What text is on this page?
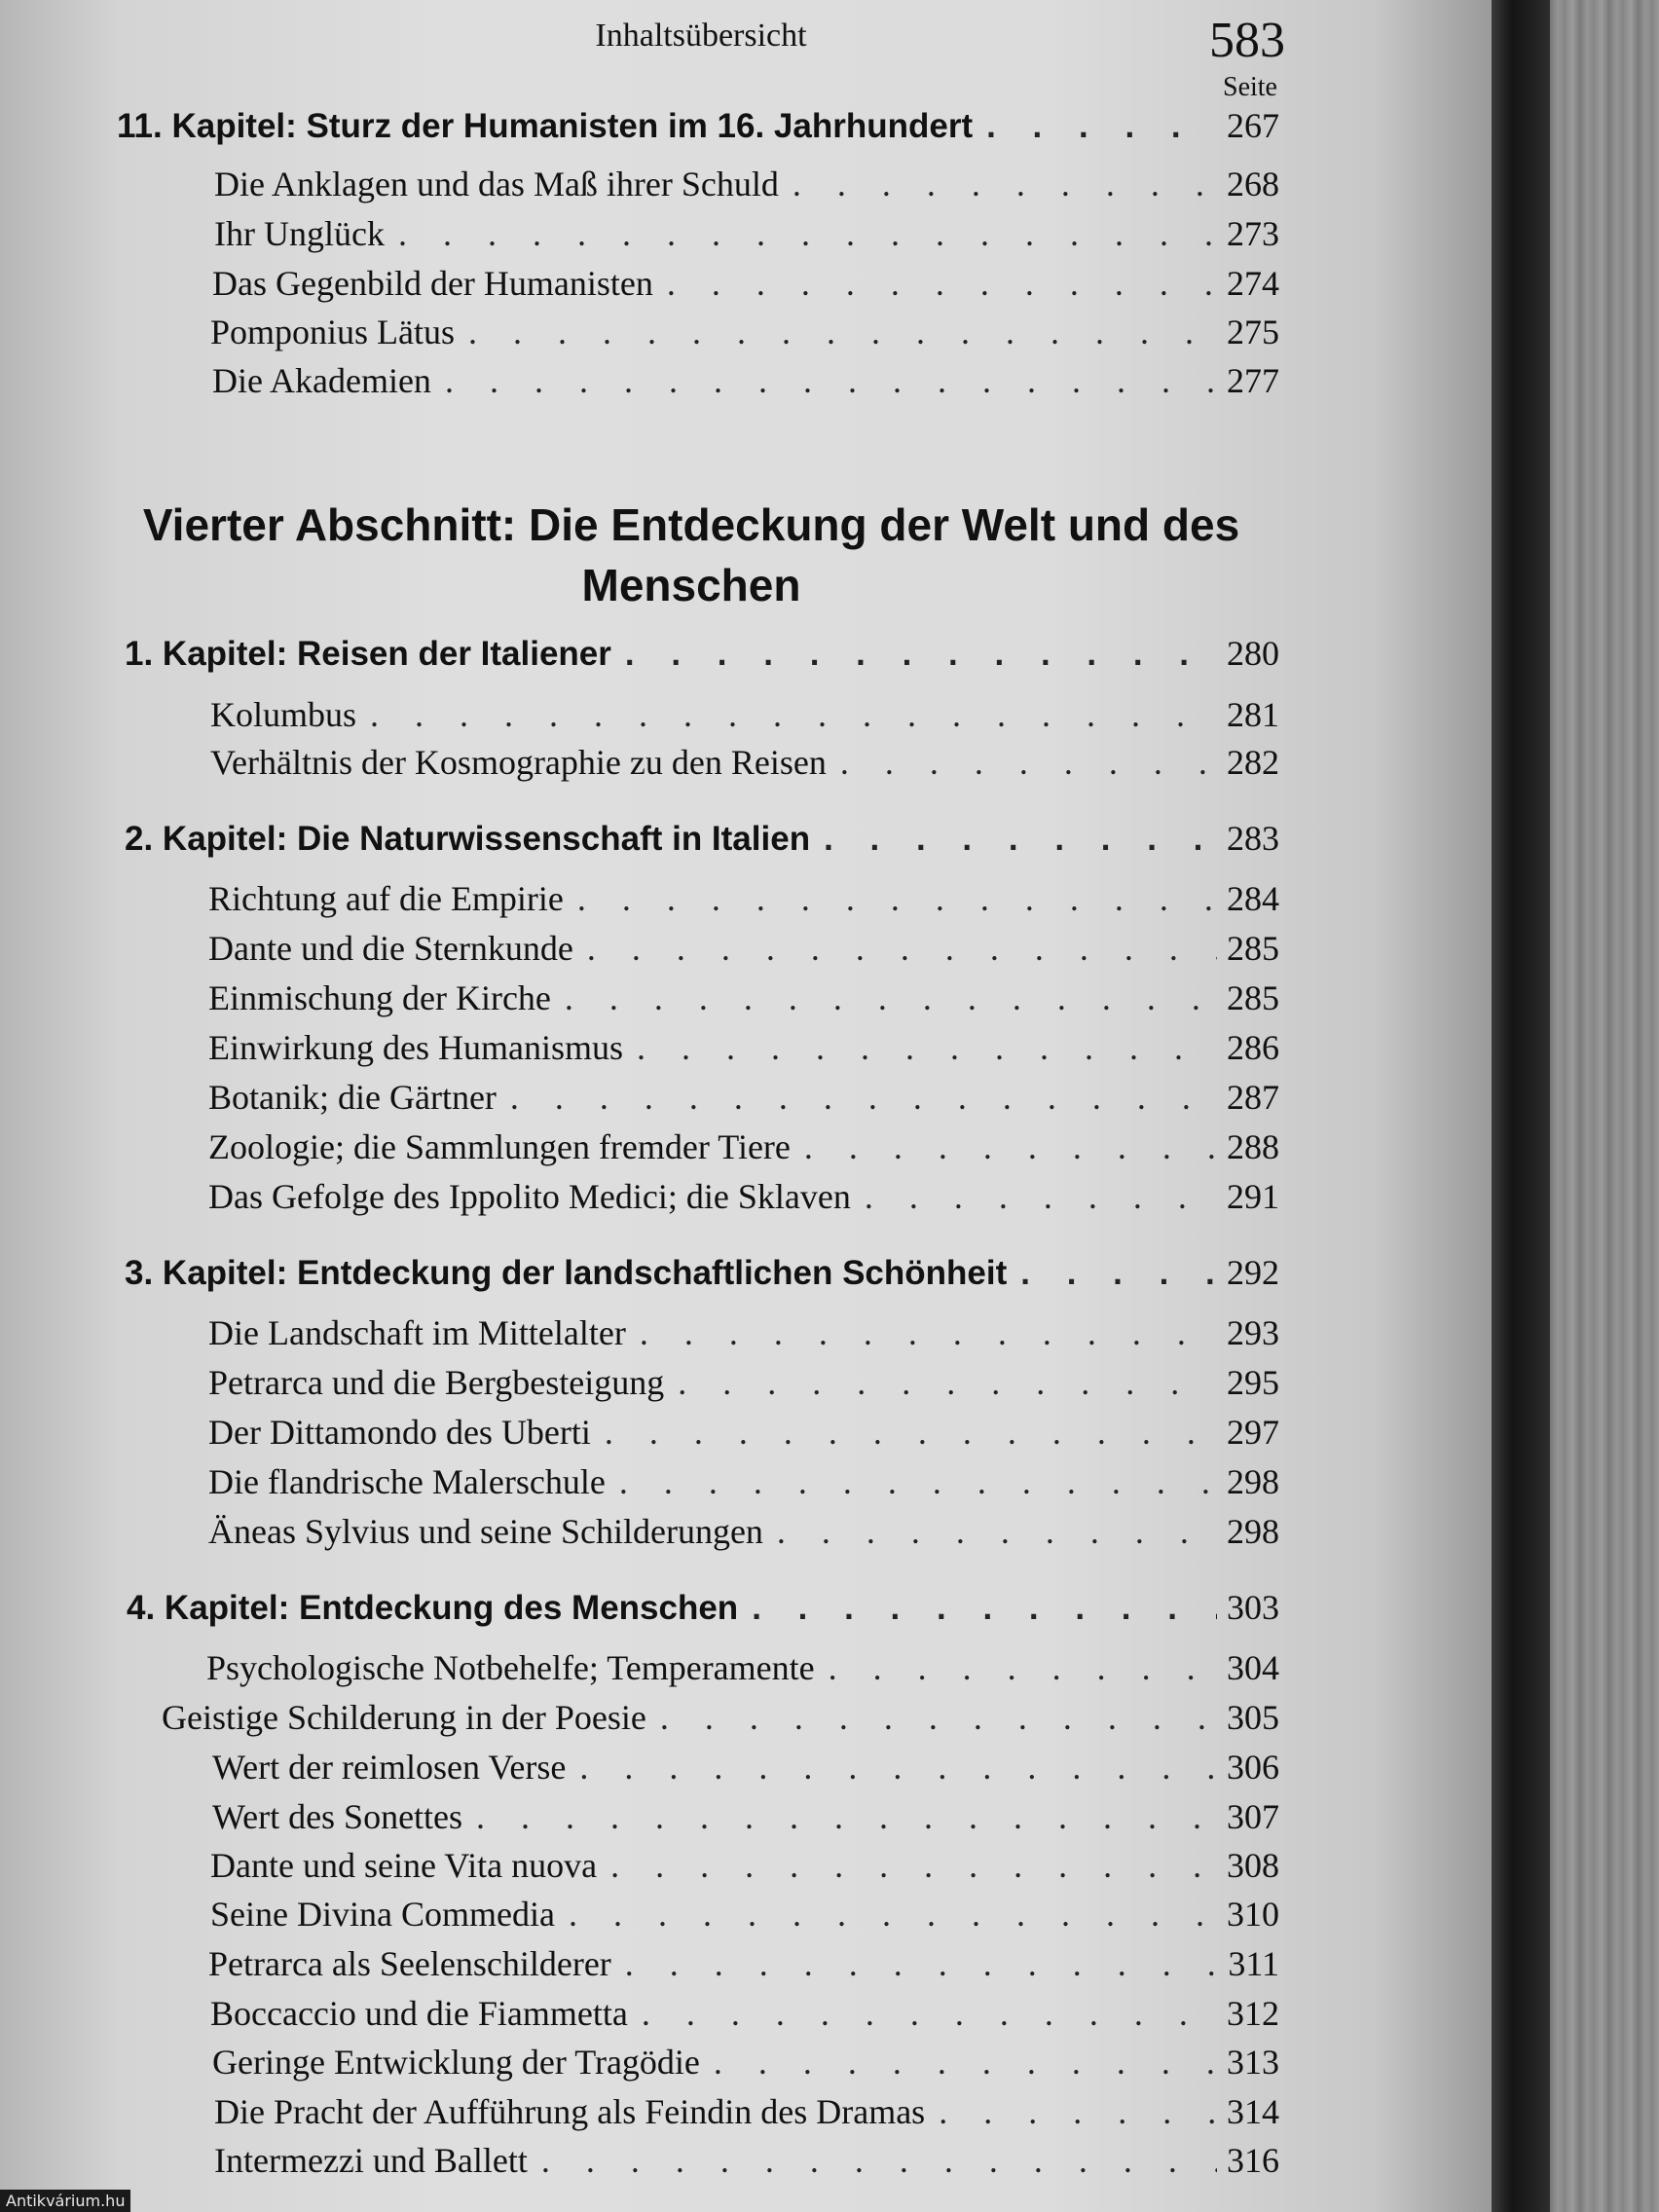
Inhaltsübersicht	583
Seite
11. Kapitel: Sturz der Humanisten im 16. Jahrhundert . . .	267
Die Anklagen und das Maß ihrer Schuld . . .	268
Ihr Unglück . . .	273
Das Gegenbild der Humanisten . . .	274
Pomponius Lätus . . .	275
Die Akademien . . .	277
Vierter Abschnitt: Die Entdeckung der Welt und des
Menschen
1. Kapitel: Reisen der Italiener . . .	280
Kolumbus . . .	281
Verhältnis der Kosmographie zu den Reisen . . .	282
2. Kapitel: Die Naturwissenschaft in Italien . . .	283
Richtung auf die Empirie . . .	284
Dante und die Sternkunde . . .	285
Einmischung der Kirche . . .	285
Einwirkung des Humanismus . . .	286
Botanik; die Gärtner . . .	287
Zoologie; die Sammlungen fremder Tiere . . .	288
Das Gefolge des Ippolito Medici; die Sklaven . . .	291
3. Kapitel: Entdeckung der landschaftlichen Schönheit . . .	292
Die Landschaft im Mittelalter . . .	293
Petrarca und die Bergbesteigung . . .	295
Der Dittamondo des Uberti . . .	297
Die flandrische Malerschule . . .	298
Äneas Sylvius und seine Schilderungen . . .	298
4. Kapitel: Entdeckung des Menschen . . .	303
Psychologische Notbehelfe; Temperamente . . .	304
Geistige Schilderung in der Poesie . . .	305
Wert der reimlosen Verse . . .	306
Wert des Sonettes . . .	307
Dante und seine Vita nuova . . .	308
Seine Divina Commedia . . .	310
Petrarca als Seelenschilderer . . .	311
Boccaccio und die Fiammetta . . .	312
Geringe Entwicklung der Tragödie . . .	313
Die Pracht der Aufführung als Feindin des Dramas . . .	314
Intermezzi und Ballett . . .	316
Antikvárium.hu
